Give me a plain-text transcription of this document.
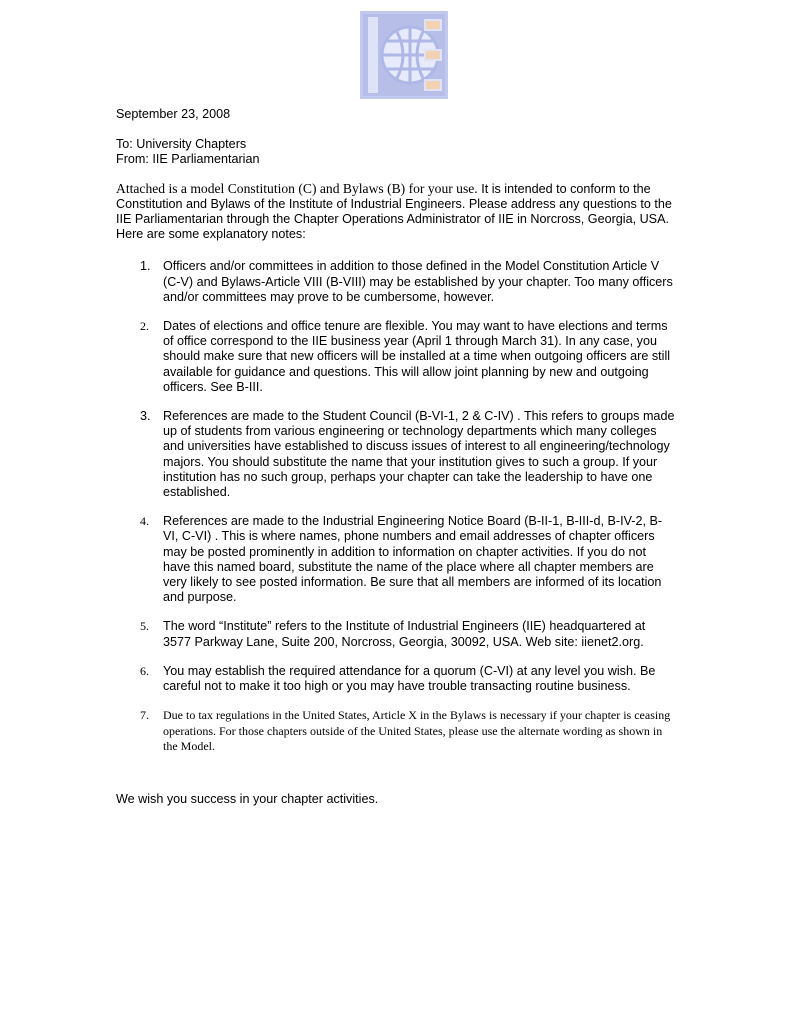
September 23, 2008

To: University Chapters

From: IIE Parliamentarian

Attached is a model Constitution (C) and Bylaws (B) for your use. It is intended to conform to the Constitution and Bylaws of the Institute of Industrial Engineers. Please address any questions to the IIE Parliamentarian through the Chapter Operations Administrator of IIE in Norcross, Georgia, USA. Here are some explanatory notes:

1. Officers and/or committees in addition to those defined in the Model Constitution Article V (C-V) and Bylaws-Article VIII (B-VIII) may be established by your chapter. Too many officers and/or committees may prove to be cumbersome, however.
2. Dates of elections and office tenure are flexible. You may want to have elections and terms of office correspond to the IIE business year (April 1 through March 31). In any case, you should make sure that new officers will be installed at a time when outgoing officers are still available for guidance and questions. This will allow joint planning by new and outgoing officers. See B-III.
3. References are made to the Student Council (B-VI-1, 2 & C-IV) . This refers to groups made up of students from various engineering or technology departments which many colleges and universities have established to discuss issues of interest to all engineering/technology majors. You should substitute the name that your institution gives to such a group. If your institution has no such group, perhaps your chapter can take the leadership to have one established.
4. References are made to the Industrial Engineering Notice Board (B-II-1, B-III-d, B-IV-2, B-VI, C-VI) . This is where names, phone numbers and email addresses of chapter officers may be posted prominently in addition to information on chapter activities. If you do not have this named board, substitute the name of the place where all chapter members are very likely to see posted information. Be sure that all members are informed of its location and purpose.
5. The word “Institute” refers to the Institute of Industrial Engineers (IIE) headquartered at 3577 Parkway Lane, Suite 200, Norcross, Georgia, 30092, USA. Web site: iienet2.org.
6. You may establish the required attendance for a quorum (C-VI) at any level you wish. Be careful not to make it too high or you may have trouble transacting routine business.
7. Due to tax regulations in the United States, Article X in the Bylaws is necessary if your chapter is ceasing operations. For those chapters outside of the United States, please use the alternate wording as shown in the Model.

We wish you success in your chapter activities.
